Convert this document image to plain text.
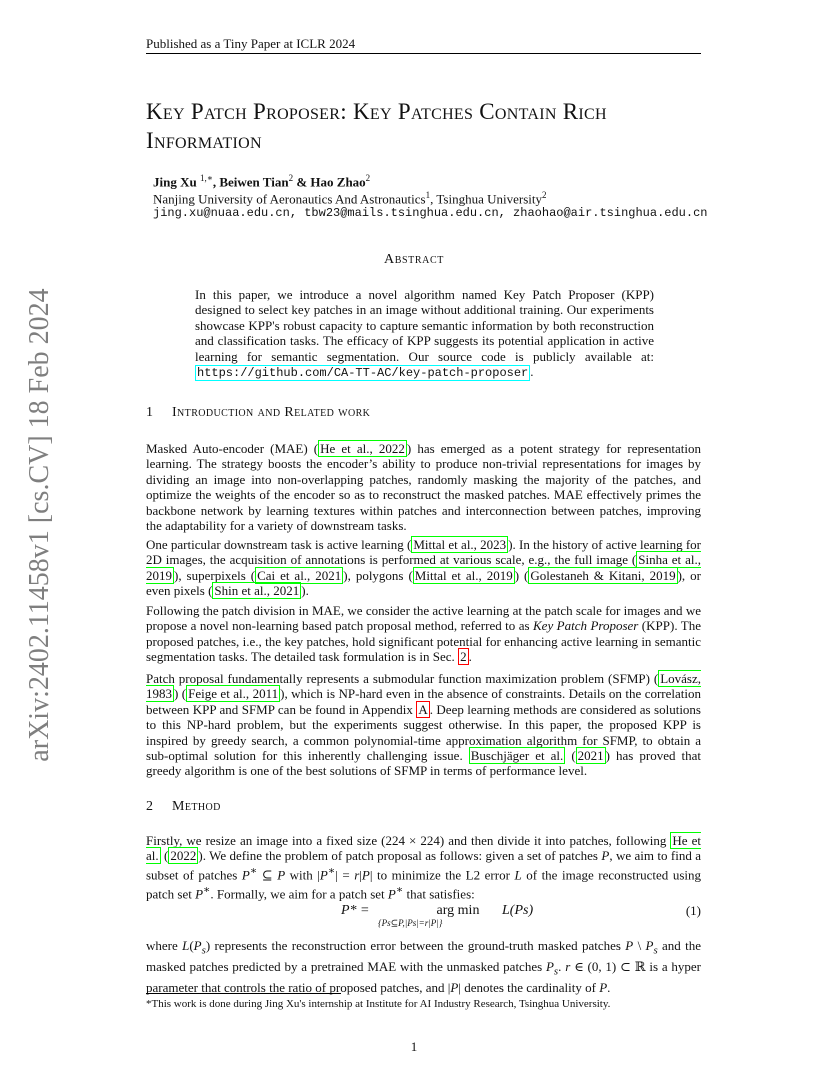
Published as a Tiny Paper at ICLR 2024
arXiv:2402.11458v1 [cs.CV] 18 Feb 2024
Key Patch Proposer: Key Patches Contain Rich
Information
Jing Xu $^{1,∗}$, Beiwen Tian$^2$ & Hao Zhao$^2$
Nanjing University of Aeronautics And Astronautics$^1$, Tsinghua University$^2$
jing.xu@nuaa.edu.cn, tbw23@mails.tsinghua.edu.cn, zhaohao@air.tsinghua.edu.cn
Abstract
In this paper, we introduce a novel algorithm named Key Patch Proposer (KPP) designed to select key patches in an image without additional training. Our experiments showcase KPP's robust capacity to capture semantic information by both reconstruction and classification tasks. The efficacy of KPP suggests its potential application in active learning for semantic segmentation. Our source code is publicly available at: https://github.com/CA-TT-AC/key-patch-proposer .
1 Introduction and Related work
Masked Auto-encoder (MAE) ( He et al., 2022 ) has emerged as a potent strategy for representation learning. The strategy boosts the encoder’s ability to produce non-trivial representations for images by dividing an image into non-overlapping patches, randomly masking the majority of the patches, and optimize the weights of the encoder so as to reconstruct the masked patches. MAE effectively primes the backbone network by learning textures within patches and interconnection between patches, improving the adaptability for a variety of downstream tasks.
One particular downstream task is active learning ( Mittal et al., 2023 ). In the history of active learning for 2D images, the acquisition of annotations is performed at various scale, e.g., the full image ( Sinha et al., 2019 ), superpixels ( Cai et al., 2021 ), polygons ( Mittal et al., 2019 ) ( Golestaneh & Kitani, 2019 ), or even pixels ( Shin et al., 2021 ).
Following the patch division in MAE, we consider the active learning at the patch scale for images and we propose a novel non-learning based patch proposal method, referred to as Key Patch Proposer (KPP). The proposed patches, i.e., the key patches, hold significant potential for enhancing active learning in semantic segmentation tasks. The detailed task formulation is in Sec. 2 .
Patch proposal fundamentally represents a submodular function maximization problem (SFMP) ( Lovász, 1983 ) ( Feige et al., 2011 ), which is NP-hard even in the absence of constraints. Details on the correlation between KPP and SFMP can be found in Appendix A . Deep learning methods are considered as solutions to this NP-hard problem, but the experiments suggest otherwise. In this paper, the proposed KPP is inspired by greedy search, a common polynomial-time approximation algorithm for SFMP, to obtain a sub-optimal solution for this inherently challenging issue. Buschjäger et al. ( 2021 ) has proved that greedy algorithm is one of the best solutions of SFMP in terms of performance level.
2 Method
Firstly, we resize an image into a fixed size (224 × 224) and then divide it into patches, following He et al. ( 2022 ). We define the problem of patch proposal as follows: given a set of patches P, we aim to find a subset of patches P∗ ⊆ P with |P∗| = r|P| to minimize the L2 error L of the image reconstructed using patch set P∗. Formally, we aim for a patch set P∗ that satisfies:
P* =	arg min
{Ps⊆P,|Ps|=r|P|}
L(Ps)	(1)
where $L(P_s)$ represents the reconstruction error between the ground-truth masked patches P \ $P_s$ and the masked patches predicted by a pretrained MAE with the unmasked patches $P_s$. r ∈ (0, 1) ⊂ ℝ is a hyper parameter that controls the ratio of proposed patches, and |P| denotes the cardinality of P.
*This work is done during Jing Xu's internship at Institute for AI Industry Research, Tsinghua University.
1
